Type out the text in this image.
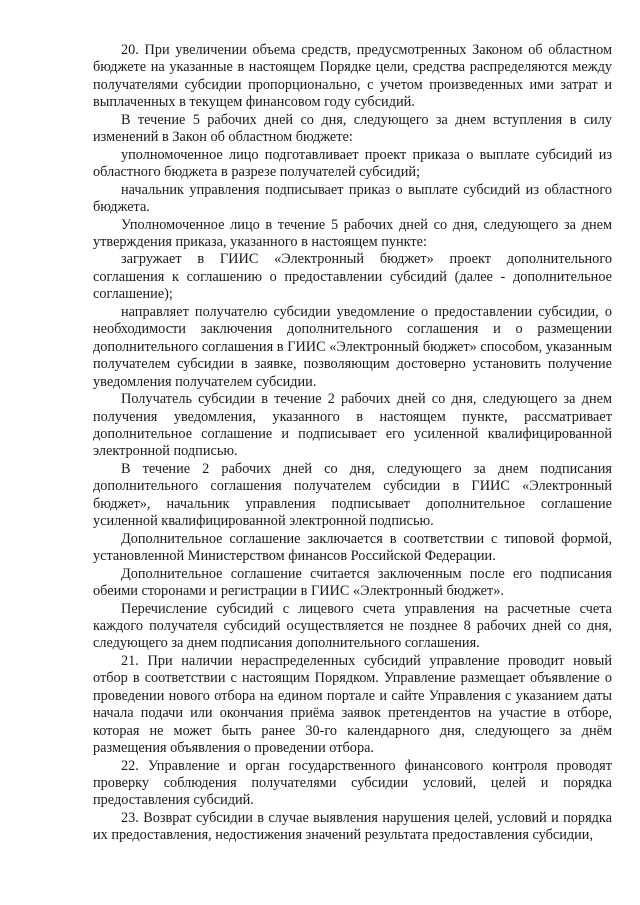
20. При увеличении объема средств, предусмотренных Законом об областном бюджете на указанные в настоящем Порядке цели, средства распределяются между получателями субсидии пропорционально, с учетом произведенных ими затрат и выплаченных в текущем финансовом году субсидий.

В течение 5 рабочих дней со дня, следующего за днем вступления в силу изменений в Закон об областном бюджете:

уполномоченное лицо подготавливает проект приказа о выплате субсидий из областного бюджета в разрезе получателей субсидий;

начальник управления подписывает приказ о выплате субсидий из областного бюджета.

Уполномоченное лицо в течение 5 рабочих дней со дня, следующего за днем утверждения приказа, указанного в настоящем пункте:

загружает в ГИИС «Электронный бюджет» проект дополнительного соглашения к соглашению о предоставлении субсидий (далее - дополнительное соглашение);

направляет получателю субсидии уведомление о предоставлении субсидии, о необходимости заключения дополнительного соглашения и о размещении дополнительного соглашения в ГИИС «Электронный бюджет» способом, указанным получателем субсидии в заявке, позволяющим достоверно установить получение уведомления получателем субсидии.

Получатель субсидии в течение 2 рабочих дней со дня, следующего за днем получения уведомления, указанного в настоящем пункте, рассматривает дополнительное соглашение и подписывает его усиленной квалифицированной электронной подписью.

В течение 2 рабочих дней со дня, следующего за днем подписания дополнительного соглашения получателем субсидии в ГИИС «Электронный бюджет», начальник управления подписывает дополнительное соглашение усиленной квалифицированной электронной подписью.

Дополнительное соглашение заключается в соответствии с типовой формой, установленной Министерством финансов Российской Федерации.

Дополнительное соглашение считается заключенным после его подписания обеими сторонами и регистрации в ГИИС «Электронный бюджет».

Перечисление субсидий с лицевого счета управления на расчетные счета каждого получателя субсидий осуществляется не позднее 8 рабочих дней со дня, следующего за днем подписания дополнительного соглашения.

21. При наличии нераспределенных субсидий управление проводит новый отбор в соответствии с настоящим Порядком. Управление размещает объявление о проведении нового отбора на едином портале и сайте Управления с указанием даты начала подачи или окончания приёма заявок претендентов на участие в отборе, которая не может быть ранее 30-го календарного дня, следующего за днём размещения объявления о проведении отбора.

22. Управление и орган государственного финансового контроля проводят проверку соблюдения получателями субсидии условий, целей и порядка предоставления субсидий.

23. Возврат субсидии в случае выявления нарушения целей, условий и порядка их предоставления, недостижения значений результата предоставления субсидии,
